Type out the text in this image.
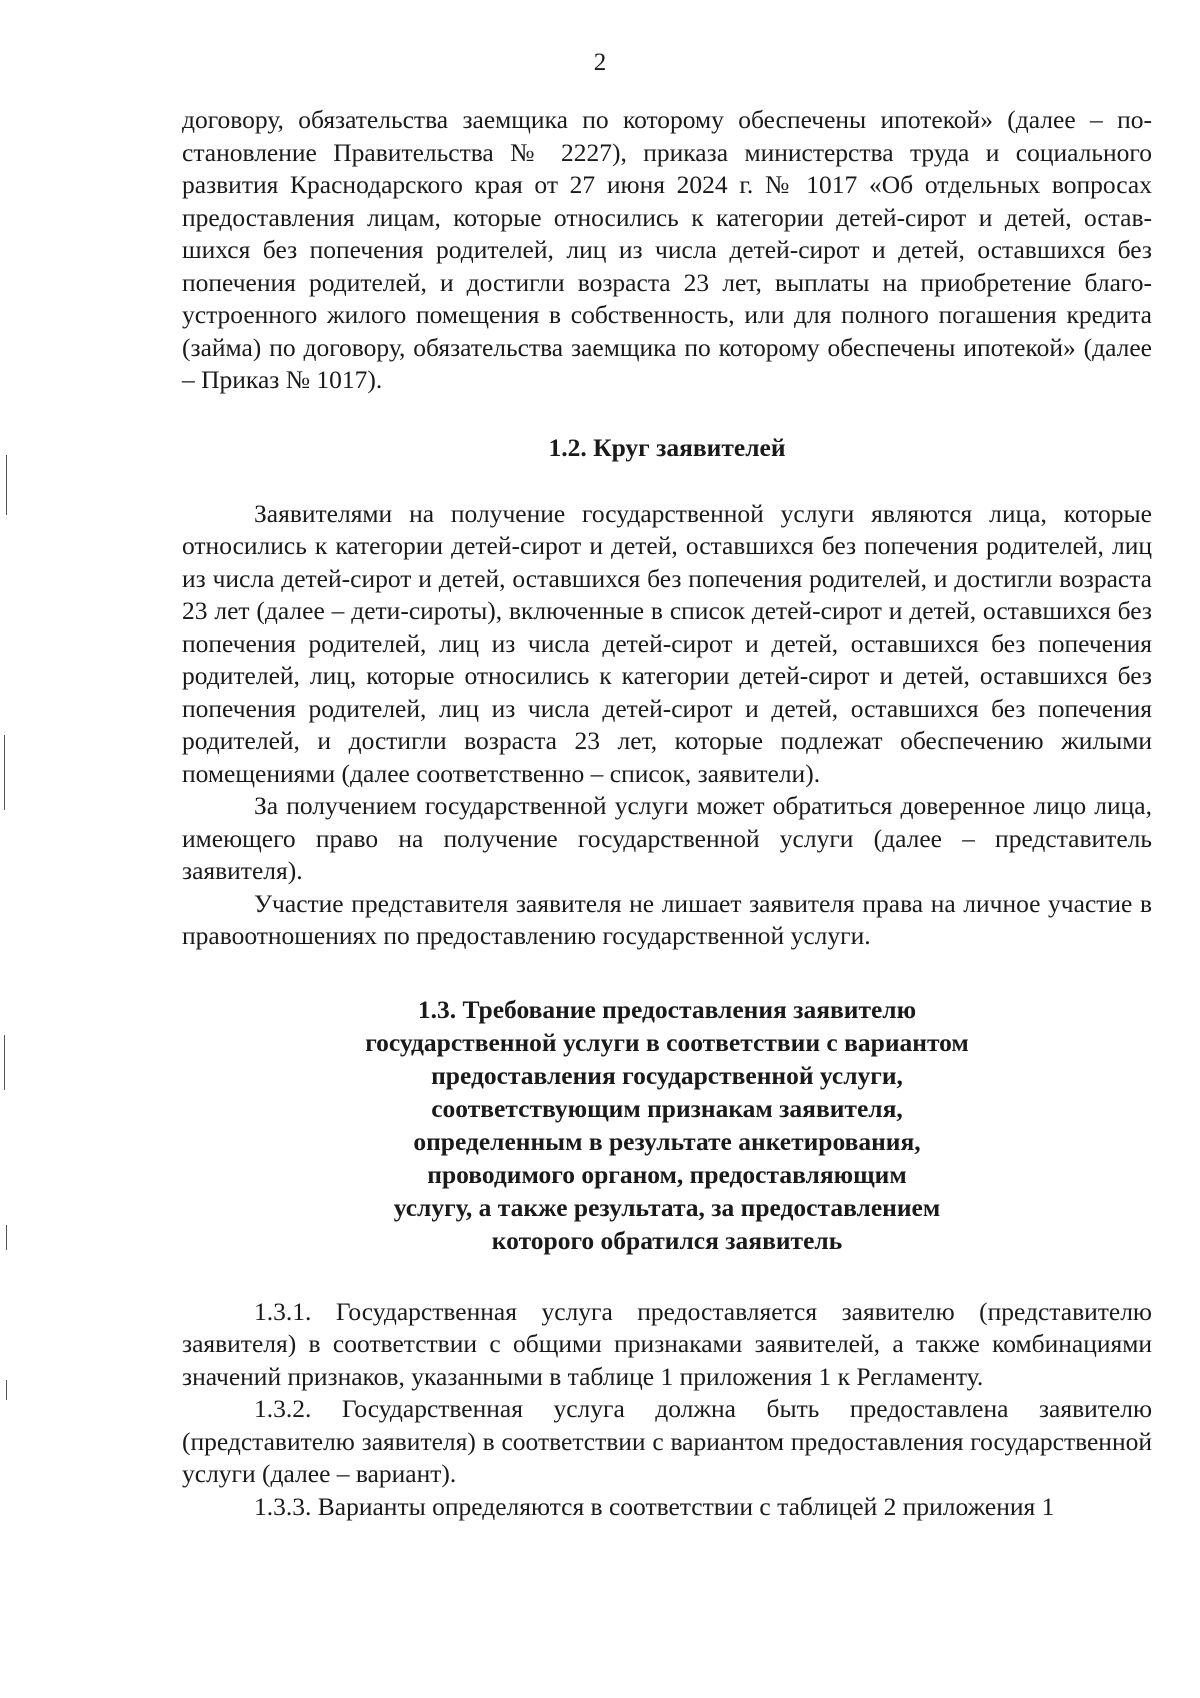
2

договору, обязательства заемщика по которому обеспечены ипотекой» (далее – постановление Правительства № 2227), приказа министерства труда и социального развития Краснодарского края от 27 июня 2024 г. № 1017 «Об отдельных вопросах предоставления лицам, которые относились к категории детей-сирот и детей, оставшихся без попечения родителей, лиц из числа детей-сирот и детей, оставшихся без попечения родителей, и достигли возраста 23 лет, выплаты на приобретение благоустроенного жилого помещения в собственность, или для полного погашения кредита (займа) по договору, обязательства заемщика по которому обеспечены ипотекой» (далее – Приказ № 1017).

1.2. Круг заявителей

Заявителями на получение государственной услуги являются лица, которые относились к категории детей-сирот и детей, оставшихся без попечения родителей, лиц из числа детей-сирот и детей, оставшихся без попечения родителей, и достигли возраста 23 лет (далее – дети-сироты), включенные в список детей-сирот и детей, оставшихся без попечения родителей, лиц из числа детей-сирот и детей, оставшихся без попечения родителей, лиц, которые относились к категории детей-сирот и детей, оставшихся без попечения родителей, лиц из числа детей-сирот и детей, оставшихся без попечения родителей, и достигли возраста 23 лет, которые подлежат обеспечению жилыми помещениями (далее соответственно – список, заявители).

За получением государственной услуги может обратиться доверенное лицо лица, имеющего право на получение государственной услуги (далее – представитель заявителя).

Участие представителя заявителя не лишает заявителя права на личное участие в правоотношениях по предоставлению государственной услуги.

1.3. Требование предоставления заявителю
государственной услуги в соответствии с вариантом
предоставления государственной услуги,
соответствующим признакам заявителя,
определенным в результате анкетирования,
проводимого органом, предоставляющим
услугу, а также результата, за предоставлением
которого обратился заявитель

1.3.1. Государственная услуга предоставляется заявителю (представителю заявителя) в соответствии с общими признаками заявителей, а также комбинациями значений признаков, указанными в таблице 1 приложения 1 к Регламенту.

1.3.2. Государственная услуга должна быть предоставлена заявителю (представителю заявителя) в соответствии с вариантом предоставления государственной услуги (далее – вариант).

1.3.3. Варианты определяются в соответствии с таблицей 2 приложения 1
